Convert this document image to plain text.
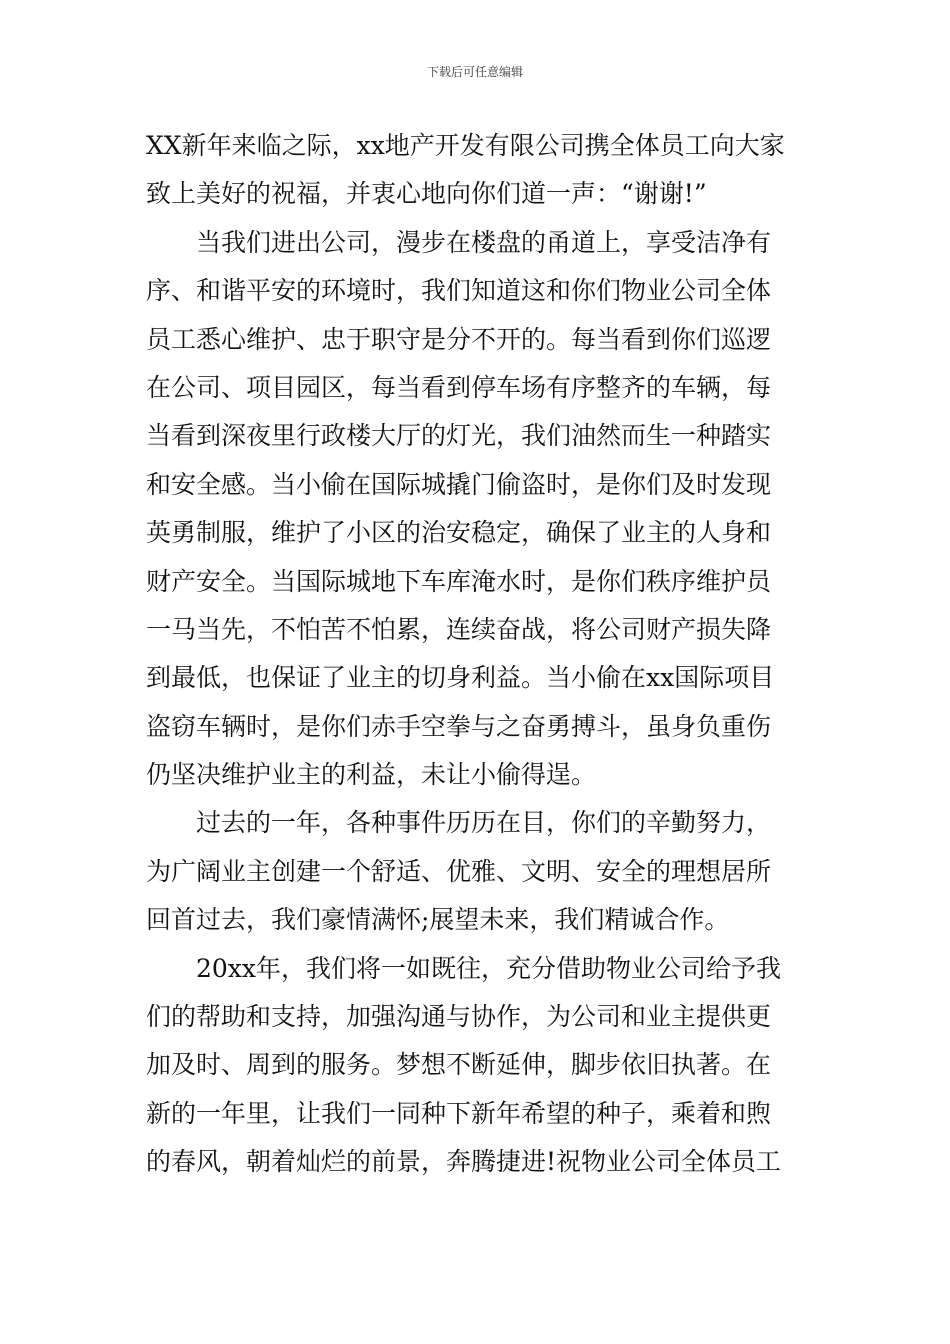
下载后可任意编辑
XX新年来临之际，xx地产开发有限公司携全体员工向大家
致上美好的祝福，并衷心地向你们道一声：“谢谢!”
当我们进出公司，漫步在楼盘的甬道上，享受洁净有
序、和谐平安的环境时，我们知道这和你们物业公司全体
员工悉心维护、忠于职守是分不开的。每当看到你们巡逻
在公司、项目园区，每当看到停车场有序整齐的车辆，每
当看到深夜里行政楼大厅的灯光，我们油然而生一种踏实
和安全感。当小偷在国际城撬门偷盗时，是你们及时发现
英勇制服，维护了小区的治安稳定，确保了业主的人身和
财产安全。当国际城地下车库淹水时，是你们秩序维护员
一马当先，不怕苦不怕累，连续奋战，将公司财产损失降
到最低，也保证了业主的切身利益。当小偷在xx国际项目
盗窃车辆时，是你们赤手空拳与之奋勇搏斗，虽身负重伤
仍坚决维护业主的利益，未让小偷得逞。
过去的一年，各种事件历历在目，你们的辛勤努力，
为广阔业主创建一个舒适、优雅、文明、安全的理想居所
回首过去，我们豪情满怀;展望未来，我们精诚合作。
20xx年，我们将一如既往，充分借助物业公司给予我
们的帮助和支持，加强沟通与协作，为公司和业主提供更
加及时、周到的服务。梦想不断延伸，脚步依旧执著。在
新的一年里，让我们一同种下新年希望的种子，乘着和煦
的春风，朝着灿烂的前景，奔腾捷进!祝物业公司全体员工
